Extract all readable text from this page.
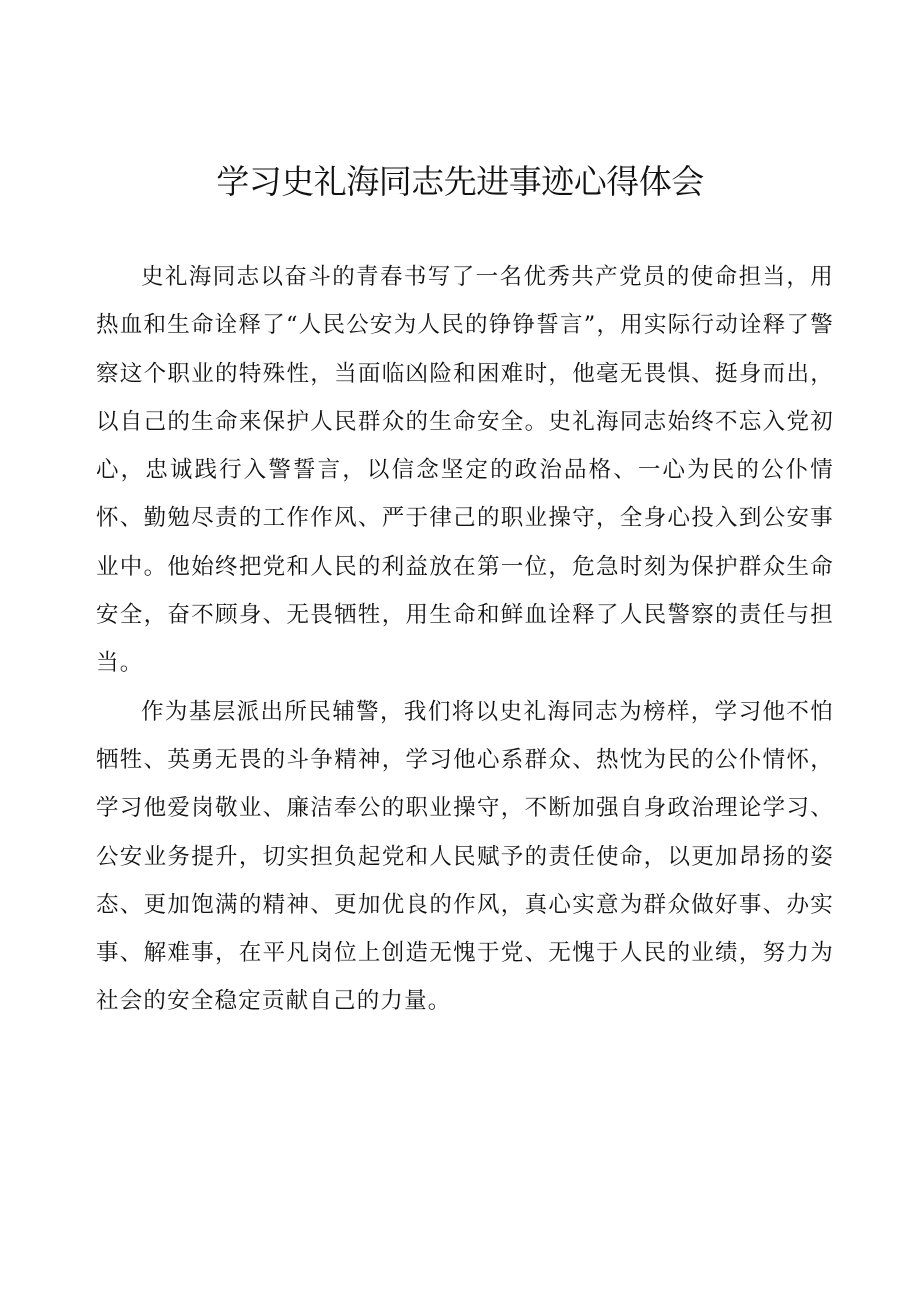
学习史礼海同志先进事迹心得体会

史礼海同志以奋斗的青春书写了一名优秀共产党员的使命担当，用热血和生命诠释了“人民公安为人民的铮铮誓言”，用实际行动诠释了警察这个职业的特殊性，当面临凶险和困难时，他毫无畏惧、挺身而出，以自己的生命来保护人民群众的生命安全。史礼海同志始终不忘入党初心，忠诚践行入警誓言，以信念坚定的政治品格、一心为民的公仆情怀、勤勉尽责的工作作风、严于律己的职业操守，全身心投入到公安事业中。他始终把党和人民的利益放在第一位，危急时刻为保护群众生命安全，奋不顾身、无畏牺牲，用生命和鲜血诠释了人民警察的责任与担当。

作为基层派出所民辅警，我们将以史礼海同志为榜样，学习他不怕牺牲、英勇无畏的斗争精神，学习他心系群众、热忱为民的公仆情怀，学习他爱岗敬业、廉洁奉公的职业操守，不断加强自身政治理论学习、公安业务提升，切实担负起党和人民赋予的责任使命，以更加昂扬的姿态、更加饱满的精神、更加优良的作风，真心实意为群众做好事、办实事、解难事，在平凡岗位上创造无愧于党、无愧于人民的业绩，努力为社会的安全稳定贡献自己的力量。
